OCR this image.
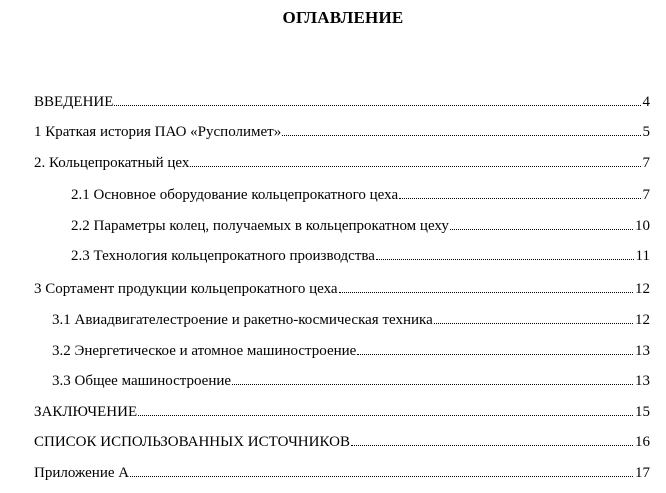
ОГЛАВЛЕНИЕ
ВВЕДЕНИЕ	4
1 Краткая история ПАО «Русполимет»	5
2. Кольцепрокатный цех	7
2.1 Основное оборудование кольцепрокатного цеха	7
2.2 Параметры колец, получаемых в кольцепрокатном цеху	10
2.3 Технология кольцепрокатного производства	11
3 Сортамент продукции кольцепрокатного цеха	12
3.1 Авиадвигателестроение и ракетно-космическая техника	12
3.2 Энергетическое и атомное машиностроение	13
3.3 Общее машиностроение	13
ЗАКЛЮЧЕНИЕ	15
СПИСОК ИСПОЛЬЗОВАННЫХ ИСТОЧНИКОВ	16
Приложение А	17
